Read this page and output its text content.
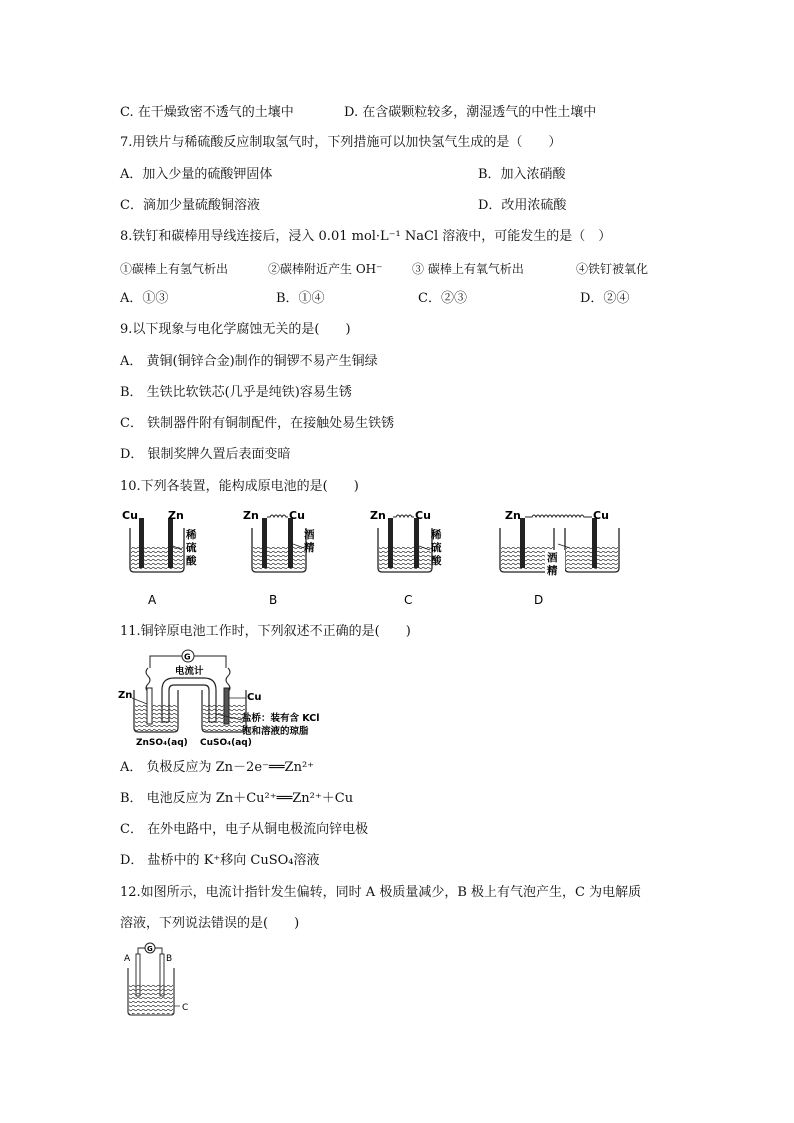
C. 在干燥致密不透气的土壤中	D. 在含碳颗粒较多，潮湿透气的中性土壤中
7.用铁片与稀硫酸反应制取氢气时，下列措施可以加快氢气生成的是（　　）
A．加入少量的硫酸钾固体	B．加入浓硝酸
C．滴加少量硫酸铜溶液	D．改用浓硫酸
8.铁钉和碳棒用导线连接后，浸入 0.01 mol·L⁻¹ NaCl 溶液中，可能发生的是（　）
①碳棒上有氢气析出	②碳棒附近产生 OH⁻ ③ 碳棒上有氧气析出	④铁钉被氧化
A．①③	B．①④	C．②③	D．②④
9.以下现象与电化学腐蚀无关的是(　　)
A． 黄铜(铜锌合金)制作的铜锣不易产生铜绿
B． 生铁比软铁芯(几乎是纯铁)容易生锈
C． 铁制器件附有铜制配件，在接触处易生铁锈
D． 银制奖牌久置后表面变暗
10.下列各装置，能构成原电池的是(　　)
Cu	Zn
稀
硫
酸
A
Zn	Cu
酒
精
B
Zn	Cu
稀
硫
酸
C
酒
精
Zn	Cu
D
11.铜锌原电池工作时，下列叙述不正确的是(　　)
G
电流计
Zn	Cu
盐桥：装有含 KCl
饱和溶液的琼脂
ZnSO₄(aq) CuSO₄(aq)
A． 负极反应为 Zn－2e⁻══Zn²⁺
B． 电池反应为 Zn＋Cu²⁺══Zn²⁺＋Cu
C． 在外电路中，电子从铜电极流向锌电极
D． 盐桥中的 K⁺移向 CuSO₄溶液
12.如图所示，电流计指针发生偏转，同时 A 极质量减少，B 极上有气泡产生，C 为电解质
溶液，下列说法错误的是(　　)
G
A	B
C
